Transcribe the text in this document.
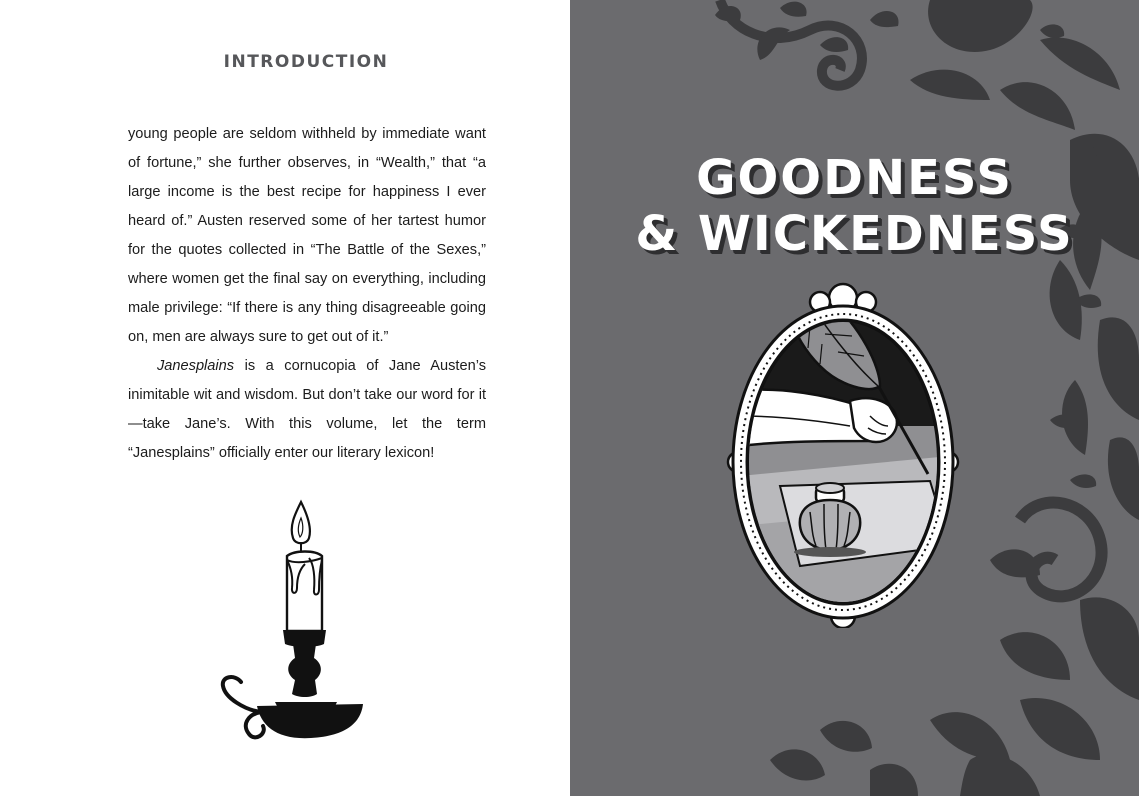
INTRODUCTION

young people are seldom withheld by immediate want of fortune,” she further observes, in “Wealth,” that “a large income is the best recipe for happiness I ever heard of.” Austen reserved some of her tartest humor for the quotes collected in “The Battle of the Sexes,” where women get the final say on everything, including male privilege: “If there is any thing disagreeable going on, men are always sure to get out of it.”

Janesplains is a cornucopia of Jane Austen’s inimitable wit and wisdom. But don’t take our word for it—take Jane’s. With this volume, let the term “Janesplains” officially enter our literary lexicon!

GOODNESS
& WICKEDNESS
